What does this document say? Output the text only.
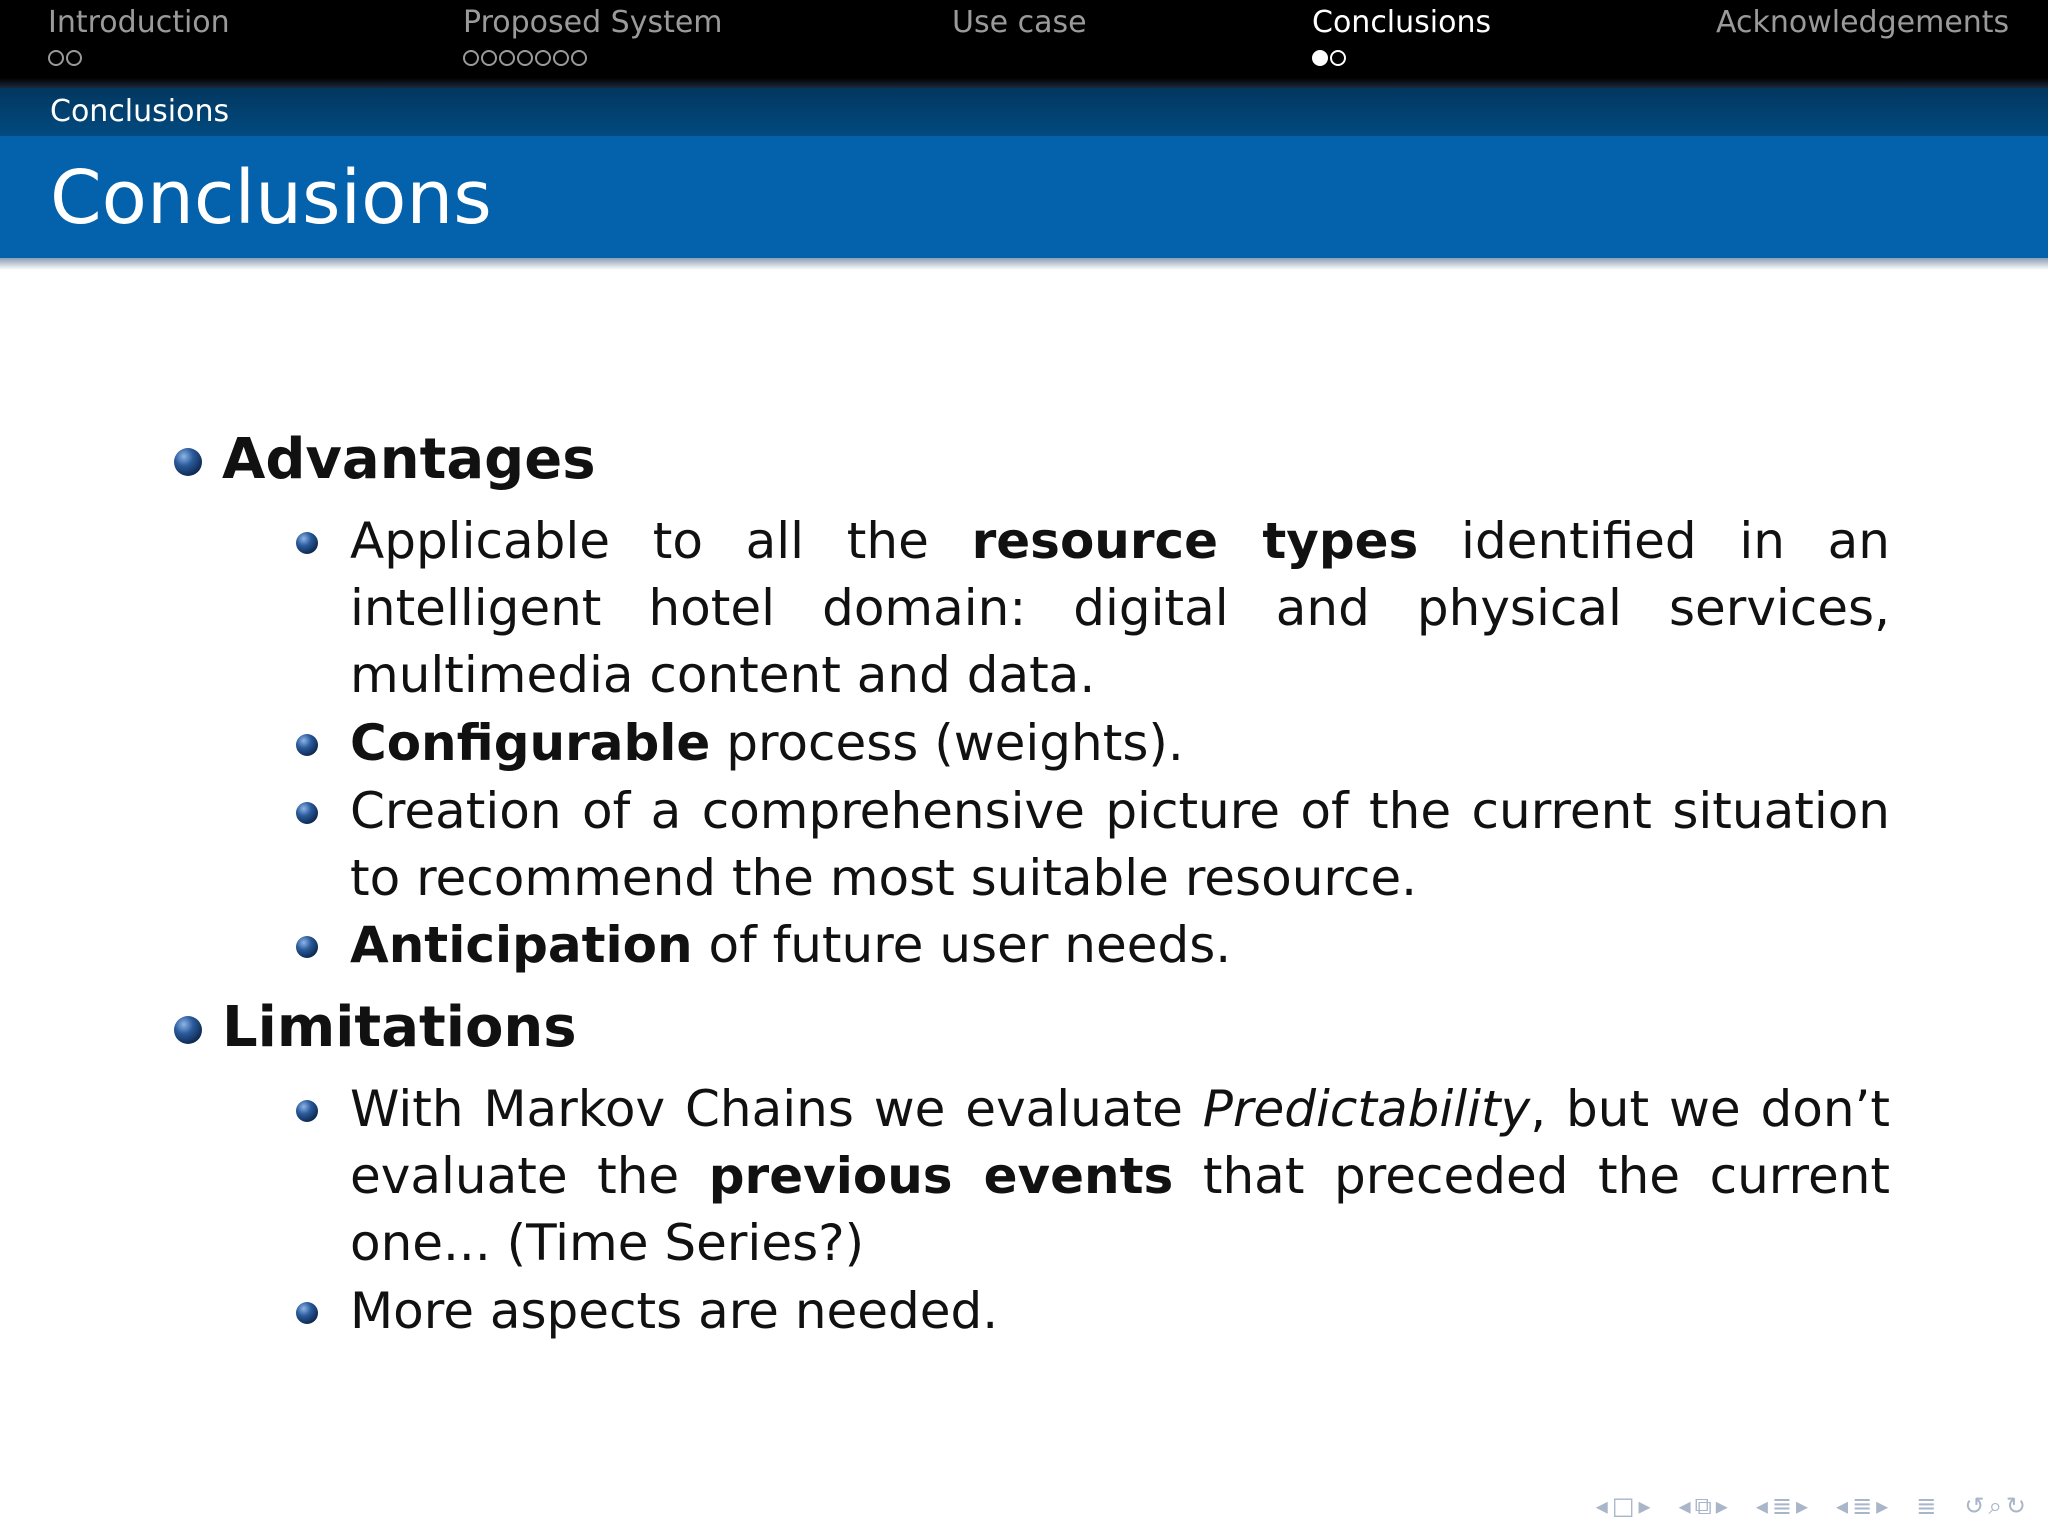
Introduction	Proposed System	Use case	Conclusions	Acknowledgements
Conclusions
Conclusions
Advantages
Applicable to all the resource types identified in an intelligent hotel domain: digital and physical services, multimedia content and data.
Configurable process (weights).
Creation of a comprehensive picture of the current situation to recommend the most suitable resource.
Anticipation of future user needs.
Limitations
With Markov Chains we evaluate Predictability, but we don’t evaluate the previous events that preceded the current one... (Time Series?)
More aspects are needed.
◂ □ ▸ ◂ ⧉ ▸ ◂ ≣ ▸ ◂ ≣ ▸ ≣ ↺ ⌕ ↻
